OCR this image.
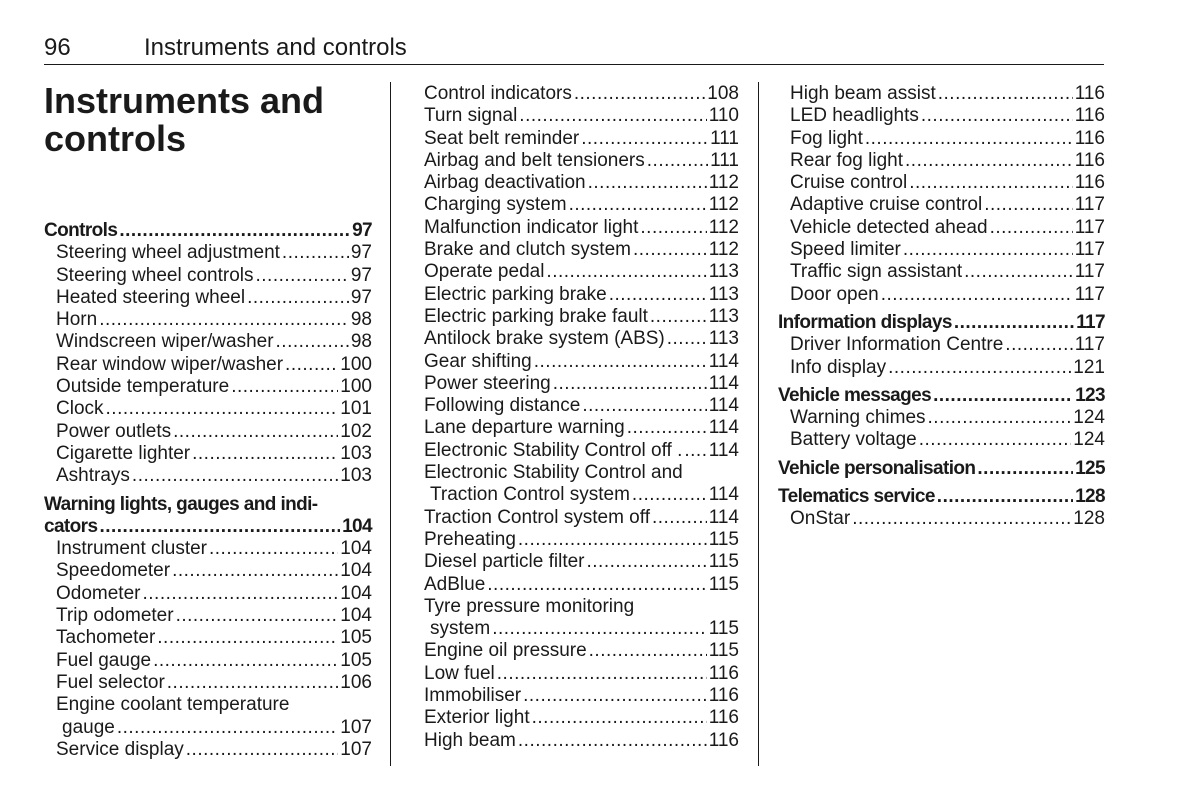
96	Instruments and controls
Instruments and controls
Controls .....	97
Steering wheel adjustment .....	97
Steering wheel controls .....	97
Heated steering wheel .....	97
Horn .....	98
Windscreen wiper/washer .....	98
Rear window wiper/washer .....	100
Outside temperature .....	100
Clock .....	101
Power outlets .....	102
Cigarette lighter .....	103
Ashtrays .....	103
Warning lights, gauges and indi-
cators .....	104
Instrument cluster .....	104
Speedometer .....	104
Odometer .....	104
Trip odometer .....	104
Tachometer .....	105
Fuel gauge .....	105
Fuel selector .....	106
Engine coolant temperature
gauge .....	107
Service display .....	107
Control indicators .....	108
Turn signal .....	110
Seat belt reminder .....	111
Airbag and belt tensioners .....	111
Airbag deactivation .....	112
Charging system .....	112
Malfunction indicator light .....	112
Brake and clutch system .....	112
Operate pedal .....	113
Electric parking brake .....	113
Electric parking brake fault .....	113
Antilock brake system (ABS) ..... 113
Gear shifting .....	114
Power steering .....	114
Following distance .....	114
Lane departure warning .....	114
Electronic Stability Control off . ..... 114
Electronic Stability Control and
Traction Control system .....	114
Traction Control system off .....	114
Preheating .....	115
Diesel particle filter .....	115
AdBlue .....	115
Tyre pressure monitoring
system .....	115
Engine oil pressure .....	115
Low fuel .....	116
Immobiliser .....	116
Exterior light .....	116
High beam .....	116
High beam assist .....	116
LED headlights .....	116
Fog light .....	116
Rear fog light .....	116
Cruise control .....	116
Adaptive cruise control .....	117
Vehicle detected ahead .....	117
Speed limiter .....	117
Traffic sign assistant .....	117
Door open .....	117
Information displays .....	117
Driver Information Centre .....	117
Info display .....	121
Vehicle messages .....	123
Warning chimes .....	124
Battery voltage .....	124
Vehicle personalisation .....	125
Telematics service .....	128
OnStar .....	128
